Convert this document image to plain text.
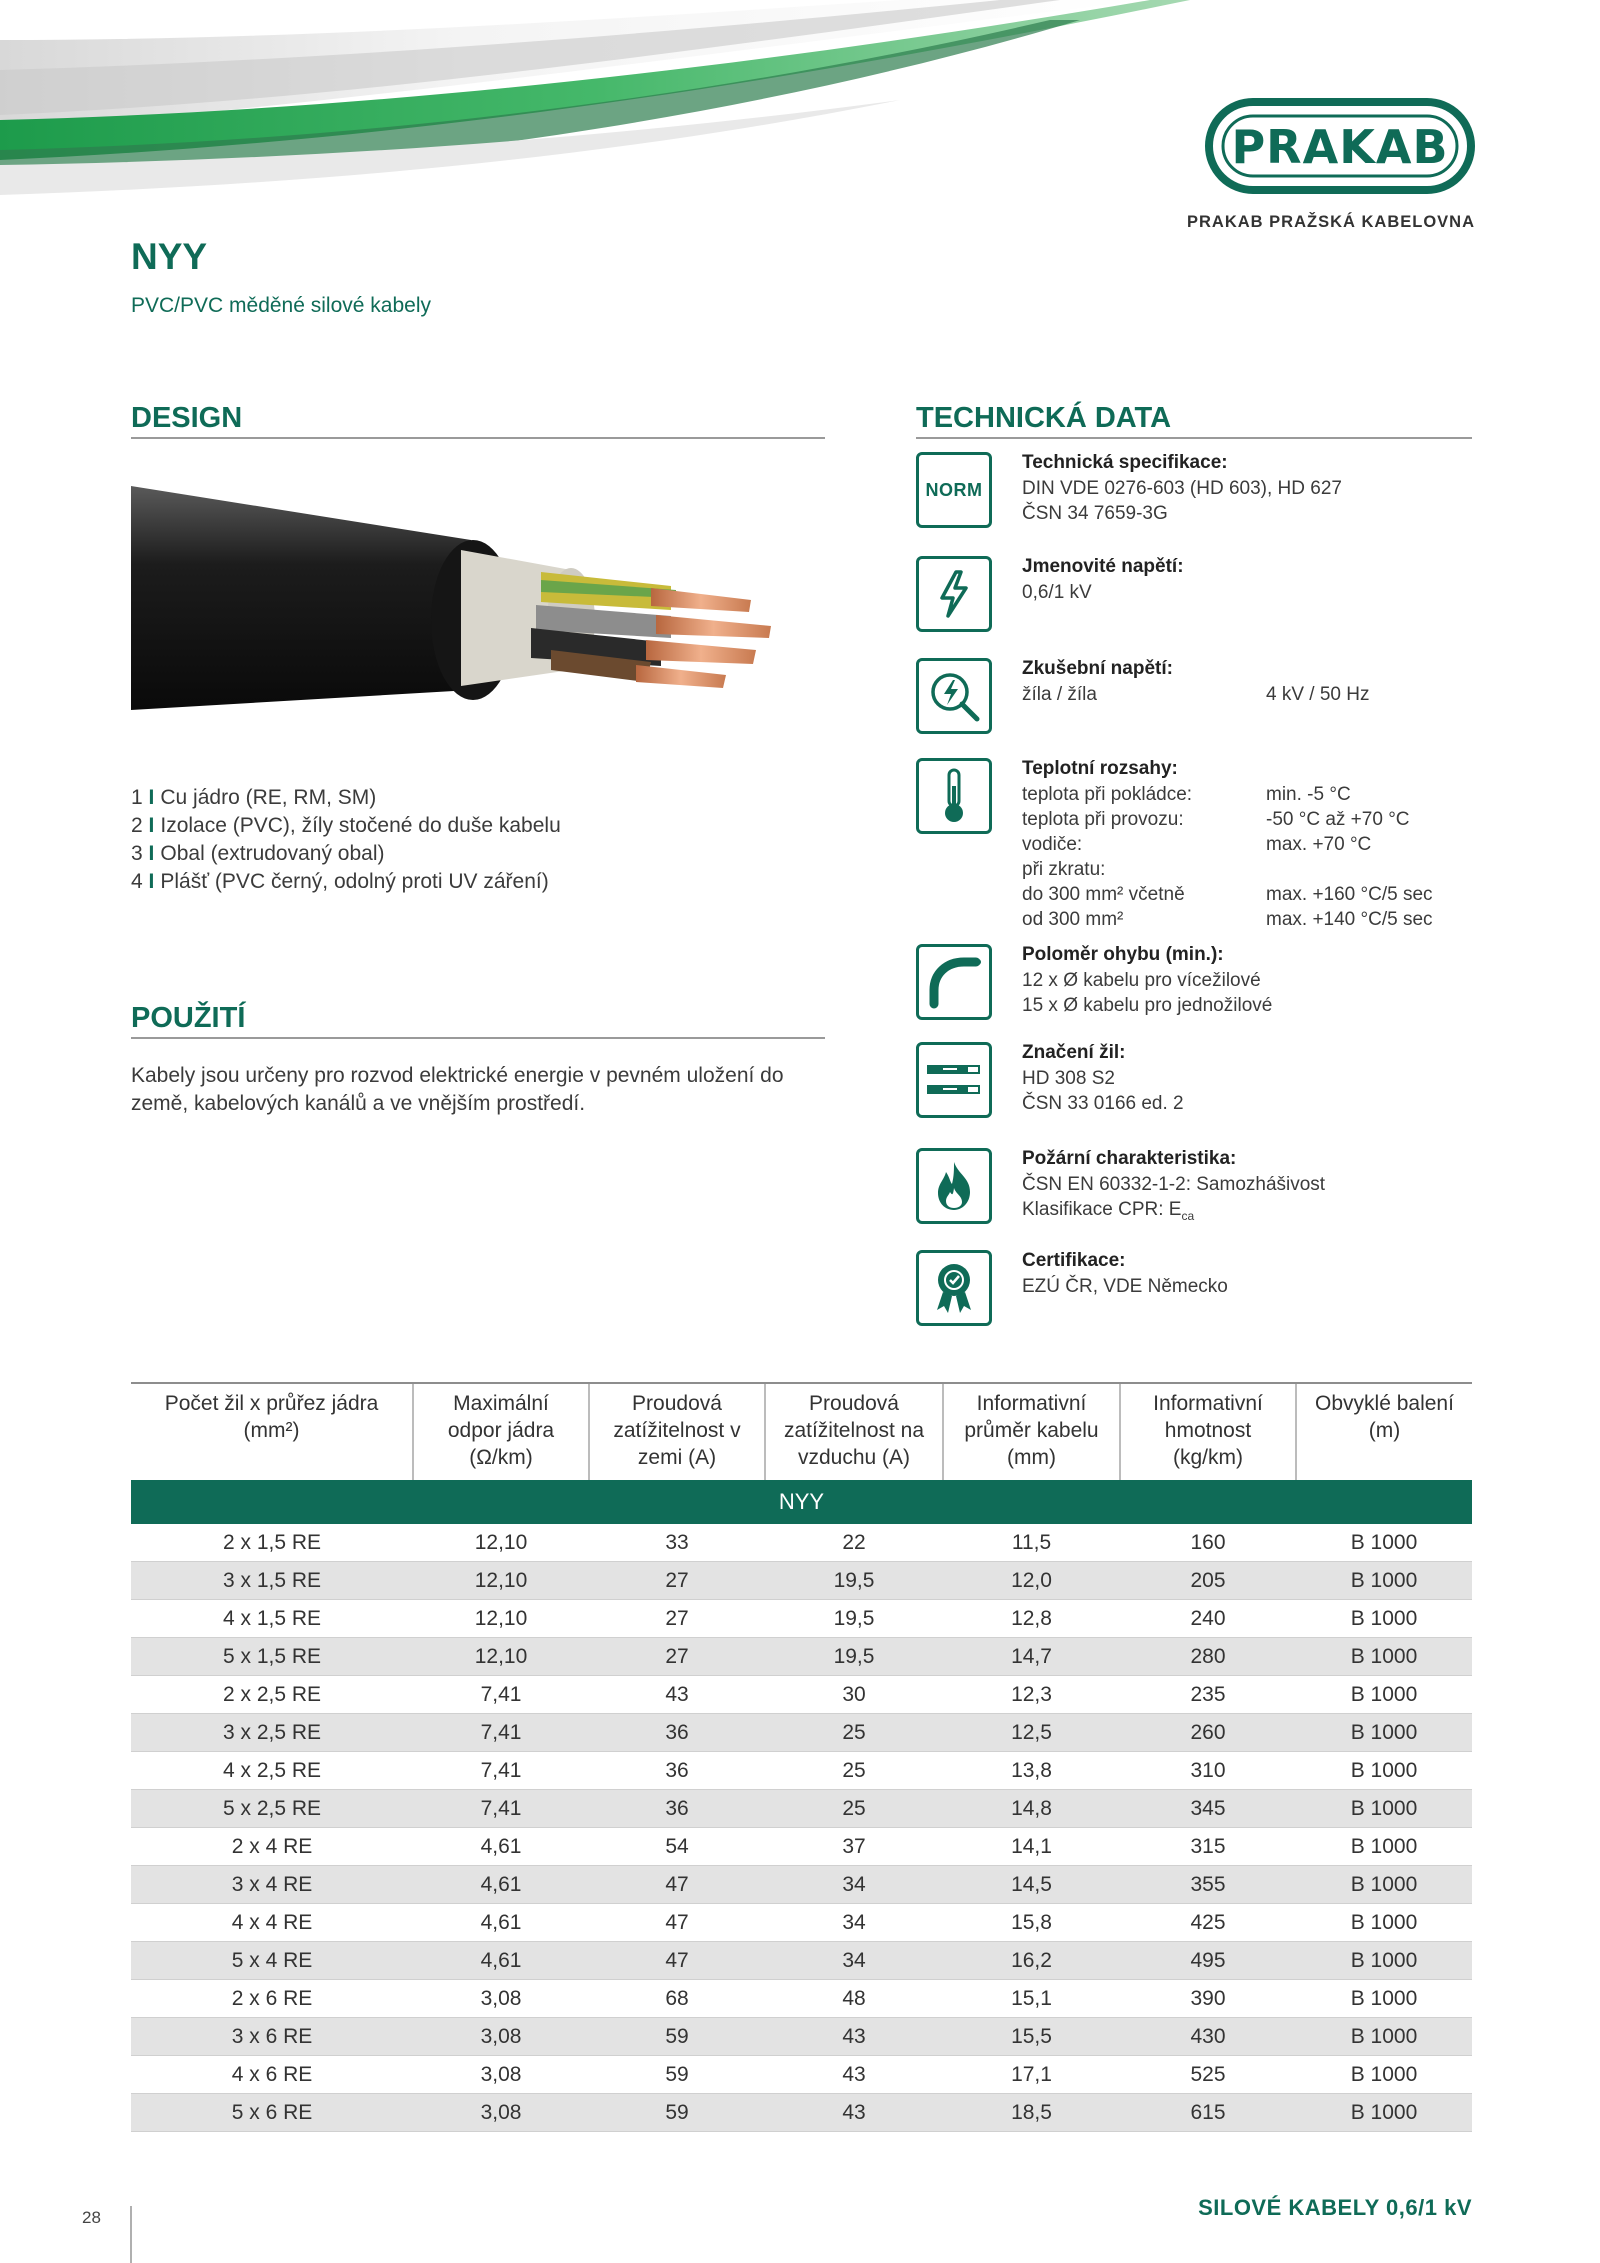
PRAKAB
PRAKAB PRAŽSKÁ KABELOVNA
NYY
PVC/PVC měděné silové kabely
DESIGN
1 I Cu jádro (RE, RM, SM)
2 I Izolace (PVC), žíly stočené do duše kabelu
3 I Obal (extrudovaný obal)
4 I Plášť (PVC černý, odolný proti UV záření)
POUŽITÍ
Kabely jsou určeny pro rozvod elektrické energie v pevném uložení do země, kabelových kanálů a ve vnějším prostředí.
TECHNICKÁ DATA
NORM
Technická specifikace:
DIN VDE 0276-603 (HD 603), HD 627
ČSN 34 7659-3G
Jmenovité napětí:
0,6/1 kV
Zkušební napětí:
žíla / žíla	4 kV / 50 Hz
Teplotní rozsahy:
teplota při pokládce:	min. -5 °C
teplota při provozu:	-50 °C až +70 °C
vodiče:	max. +70 °C
při zkratu:
do 300 mm² včetně	max. +160 °C/5 sec
od 300 mm²	max. +140 °C/5 sec
Poloměr ohybu (min.):
12 x Ø kabelu pro vícežilové
15 x Ø kabelu pro jednožilové
Značení žil:
HD 308 S2
ČSN 33 0166 ed. 2
Požární charakteristika:
ČSN EN 60332-1-2: Samozhášivost
Klasifikace CPR: $E_{ca}$
Certifikace:
EZÚ ČR, VDE Německo
Počet žil x průřez jádra (mm²)	Maximální odpor jádra (Ω/km)	Proudová zatížitelnost v zemi (A)	Proudová zatížitelnost na vzduchu (A)	Informativní průměr kabelu (mm)	Informativní hmotnost (kg/km)	Obvyklé balení (m)
NYY						
2 x 1,5 RE	12,10	33	22	11,5	160	B 1000
3 x 1,5 RE	12,10	27	19,5	12,0	205	B 1000
4 x 1,5 RE	12,10	27	19,5	12,8	240	B 1000
5 x 1,5 RE	12,10	27	19,5	14,7	280	B 1000
2 x 2,5 RE	7,41	43	30	12,3	235	B 1000
3 x 2,5 RE	7,41	36	25	12,5	260	B 1000
4 x 2,5 RE	7,41	36	25	13,8	310	B 1000
5 x 2,5 RE	7,41	36	25	14,8	345	B 1000
2 x 4 RE	4,61	54	37	14,1	315	B 1000
3 x 4 RE	4,61	47	34	14,5	355	B 1000
4 x 4 RE	4,61	47	34	15,8	425	B 1000
5 x 4 RE	4,61	47	34	16,2	495	B 1000
2 x 6 RE	3,08	68	48	15,1	390	B 1000
3 x 6 RE	3,08	59	43	15,5	430	B 1000
4 x 6 RE	3,08	59	43	17,1	525	B 1000
5 x 6 RE	3,08	59	43	18,5	615	B 1000
28	SILOVÉ KABELY 0,6/1 kV
